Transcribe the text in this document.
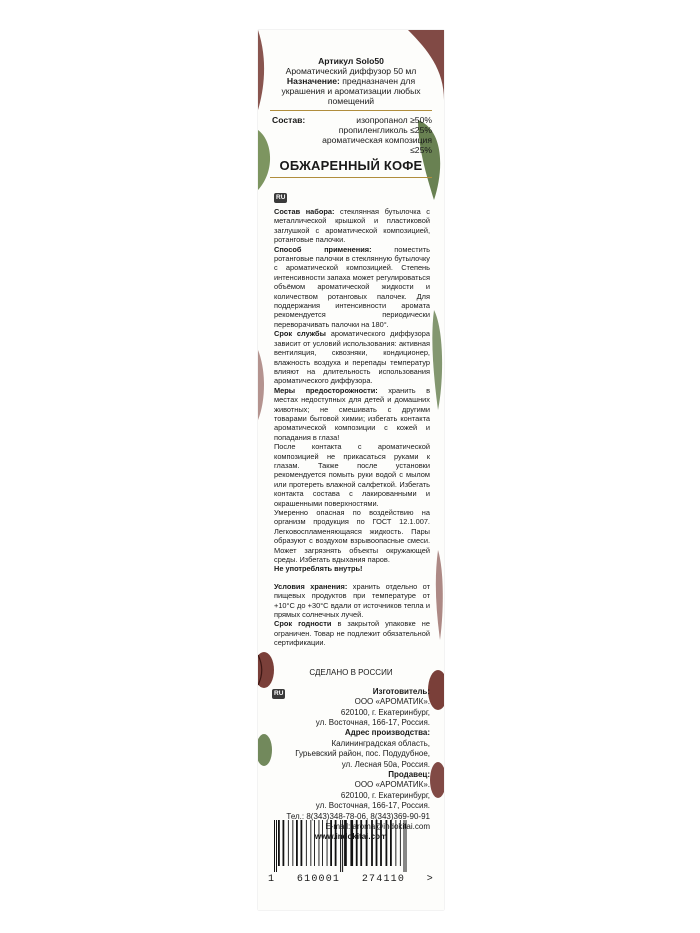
Артикул Solo50
Ароматический диффузор 50 мл
Назначение: предназначен для украшения и ароматизации любых помещений
Состав:	изопропанол ≥50%
пропиленгликоль ≤25%
ароматическая композиция ≤25%
ОБЖАРЕННЫЙ КОФЕ
RU

Состав набора: стеклянная бутылочка с металлической крышкой и пластиковой заглушкой с ароматической композицией, ротанговые палочки.

Способ применения:	поместить ротанговые палочки в стеклянную бутылочку с ароматической композицией. Степень интенсивности запаха может регулироваться объёмом ароматической жидкости и количеством ротанговых палочек. Для поддержания интенсивности аромата рекомендуется периодически переворачивать палочки на 180°.

Срок службы ароматического диффузора зависит от условий использования: активная вентиляция, сквозняки, кондиционер, влажность воздуха и перепады температур влияют на длительность использования ароматического диффузора.

Меры предосторожности: хранить в местах недоступных для детей и домашних животных; не смешивать с другими товарами бытовой химии; избегать контакта ароматической композиции с кожей и попадания в глаза!

После контакта с ароматической композицией не прикасаться руками к глазам. Также после установки рекомендуется помыть руки водой с мылом или протереть влажной салфеткой. Избегать контакта состава с лакированными и окрашенными поверхностями.

Умеренно опасная по воздействию на организм продукция по ГОСТ 12.1.007. Легковоспламеняющаяся жидкость. Пары образуют с воздухом взрывоопасные смеси. Может загрязнять объекты окружающей среды. Избегать вдыхания паров.

Не употреблять внутрь!

Условия хранения: хранить отдельно от пищевых продуктов при температуре от +10°С до +30°С вдали от источников тепла и прямых солнечных лучей.

Срок годности в закрытой упаковке не ограничен. Товар не подлежит обязательной сертификации.

СДЕЛАНО В РОССИИ
RU	Изготовитель:
ООО «АРОМАТИК».
620100, г. Екатеринбург,
ул. Восточная, 166-17, Россия.
Адрес производства:
Калининградская область,
Гурьевский район, пос. Подудубное,
ул. Лесная 50а, Россия.
Продавец:
ООО «АРОМАТИК».
620100, г. Екатеринбург,
ул. Восточная, 166-17, Россия.
Тел.: 8(343)348-78-06, 8(343)369-90-91
E-mail: aroma@indokitai.com
www.indokitai.com
1 610001 274110 >
